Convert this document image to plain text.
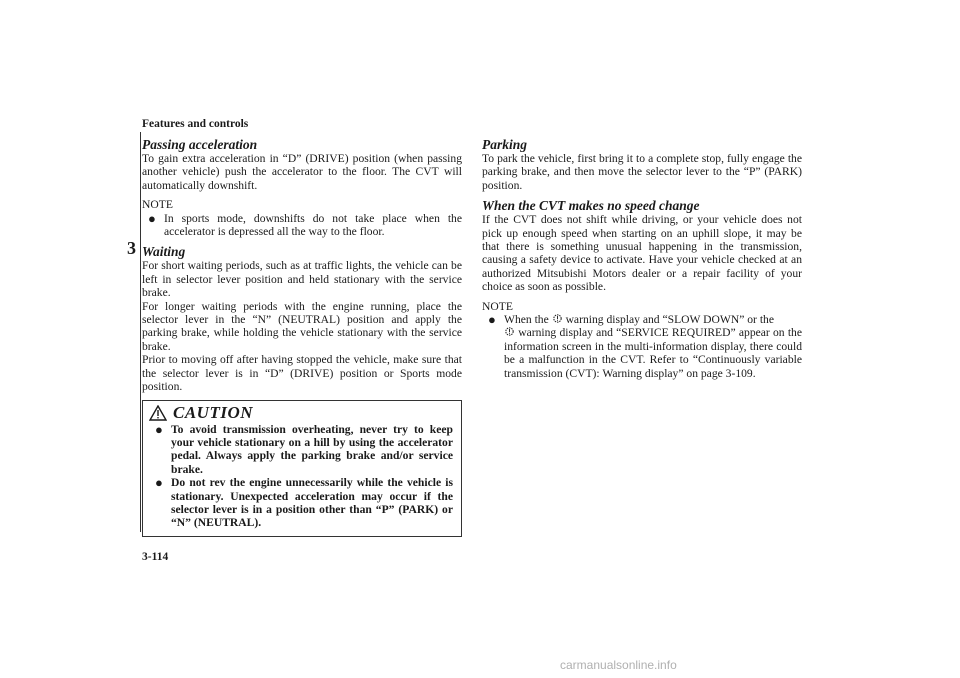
Features and controls
3
Passing acceleration

To gain extra acceleration in “D” (DRIVE) position (when passing another vehicle) push the accelerator to the floor. The CVT will automatically downshift.

NOTE
● In sports mode, downshifts do not take place when the accelerator is depressed all the way to the floor.
Waiting

For short waiting periods, such as at traffic lights, the vehicle can be left in selector lever position and held stationary with the service brake.

For longer waiting periods with the engine running, place the selector lever in the “N” (NEUTRAL) position and apply the parking brake, while holding the vehicle stationary with the service brake.

Prior to moving off after having stopped the vehicle, make sure that the selector lever is in “D” (DRIVE) position or Sports mode position.

CAUTION
● To avoid transmission overheating, never try to keep your vehicle stationary on a hill by using the accelerator pedal. Always apply the parking brake and/or service brake.
● Do not rev the engine unnecessarily while the vehicle is stationary. Unexpected acceleration may occur if the selector lever is in a position other than “P” (PARK) or “N” (NEUTRAL).
Parking

To park the vehicle, first bring it to a complete stop, fully engage the parking brake, and then move the selector lever to the “P” (PARK) position.

When the CVT makes no speed change

If the CVT does not shift while driving, or your vehicle does not pick up enough speed when starting on an uphill slope, it may be that there is something unusual happening in the transmission, causing a safety device to activate. Have your vehicle checked at an authorized Mitsubishi Motors dealer or a repair facility of your choice as soon as possible.

NOTE
● When the warning display and “SLOW DOWN” or the
warning display and “SERVICE REQUIRED” appear on the information screen in the multi-information display, there could be a malfunction in the CVT. Refer to “Continuously variable transmission (CVT): Warning display” on page 3-109.
3-114
carmanualsonline.info
